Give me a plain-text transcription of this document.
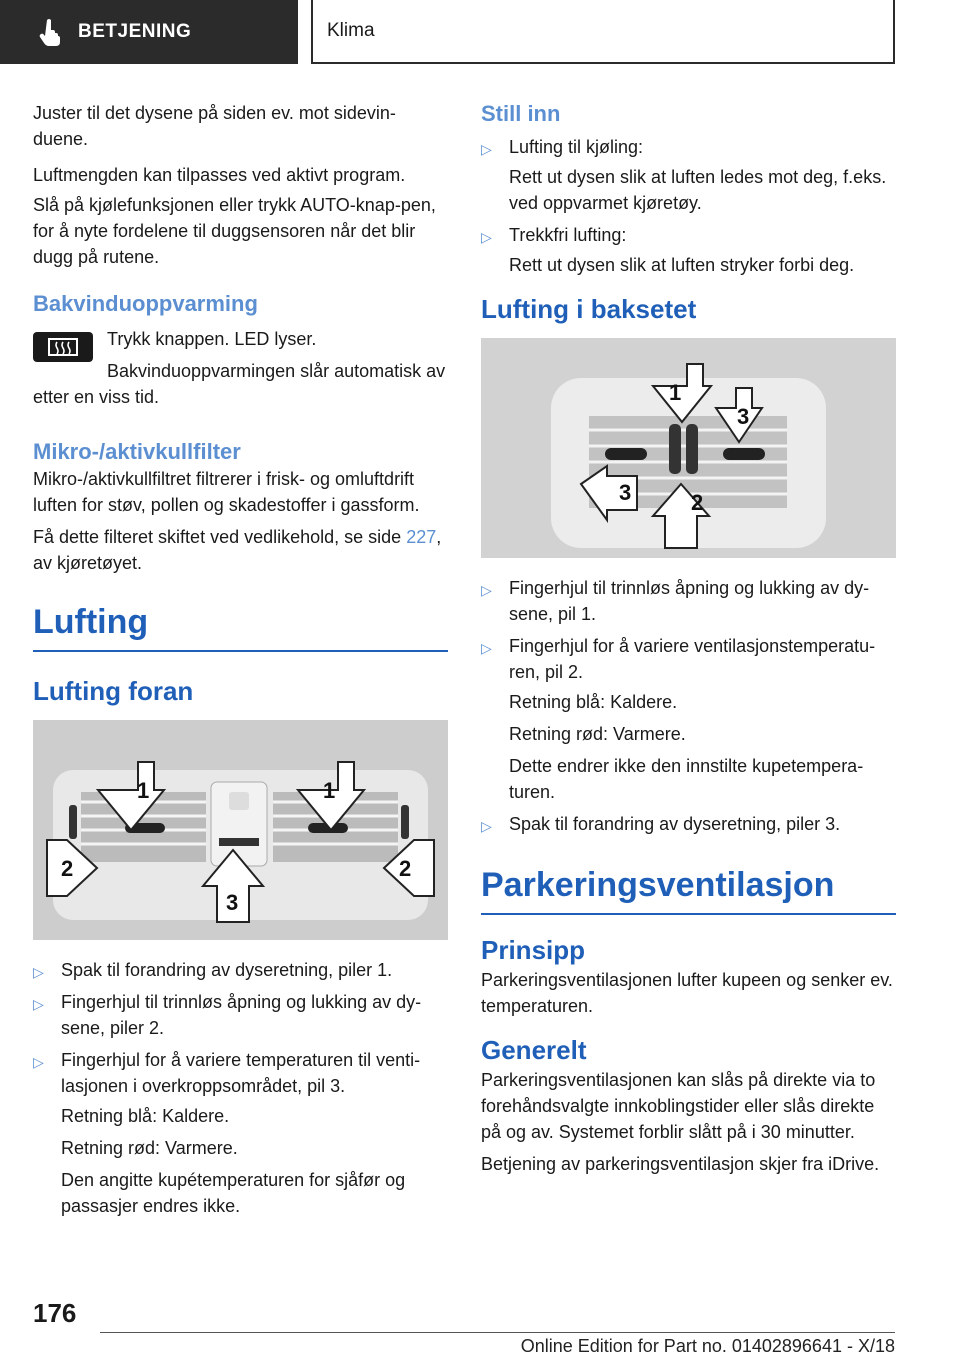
BETJENING	Klima

Juster til det dysene på siden ev. mot sidevin-duene.

Luftmengden kan tilpasses ved aktivt program.

Slå på kjølefunksjonen eller trykk AUTO-knap-pen, for å nyte fordelene til duggsensoren når det blir dugg på rutene.

Bakvinduoppvarming

Trykk knappen. LED lyser.

Bakvinduoppvarmingen slår automatisk av etter en viss tid.

Mikro-/aktivkullfilter

Mikro-/aktivkullfiltret filtrerer i frisk- og omluftdrift luften for støv, pollen og skadestoffer i gassform.

Få dette filteret skiftet ved vedlikehold, se side 227, av kjøretøyet.

Lufting
Lufting foran
1	1
2	2
3
▷ Spak til forandring av dyseretning, piler 1.
▷ Fingerhjul til trinnløs åpning og lukking av dy-sene, piler 2.
▷ Fingerhjul for å variere temperaturen til venti-lasjonen i overkroppsområdet, pil 3.
Retning blå: Kaldere.
Retning rød: Varmere.
Den angitte kupétemperaturen for sjåfør og passasjer endres ikke.
Still inn
▷ Lufting til kjøling:
Rett ut dysen slik at luften ledes mot deg, f.eks. ved oppvarmet kjøretøy.
▷ Trekkfri lufting:
Rett ut dysen slik at luften stryker forbi deg.
Lufting i baksetet
1
3
3	2
▷ Fingerhjul til trinnløs åpning og lukking av dy-sene, pil 1.
▷ Fingerhjul for å variere ventilasjonstemperatu-ren, pil 2.
Retning blå: Kaldere.
Retning rød: Varmere.
Dette endrer ikke den innstilte kupetempera-turen.
▷ Spak til forandring av dyseretning, piler 3.
Parkeringsventilasjon
Prinsipp

Parkeringsventilasjonen lufter kupeen og senker ev. temperaturen.

Generelt

Parkeringsventilasjonen kan slås på direkte via to forehåndsvalgte innkoblingstider eller slås direkte på og av. Systemet forblir slått på i 30 minutter.

Betjening av parkeringsventilasjon skjer fra iDrive.

176
Online Edition for Part no. 01402896641 - X/18
